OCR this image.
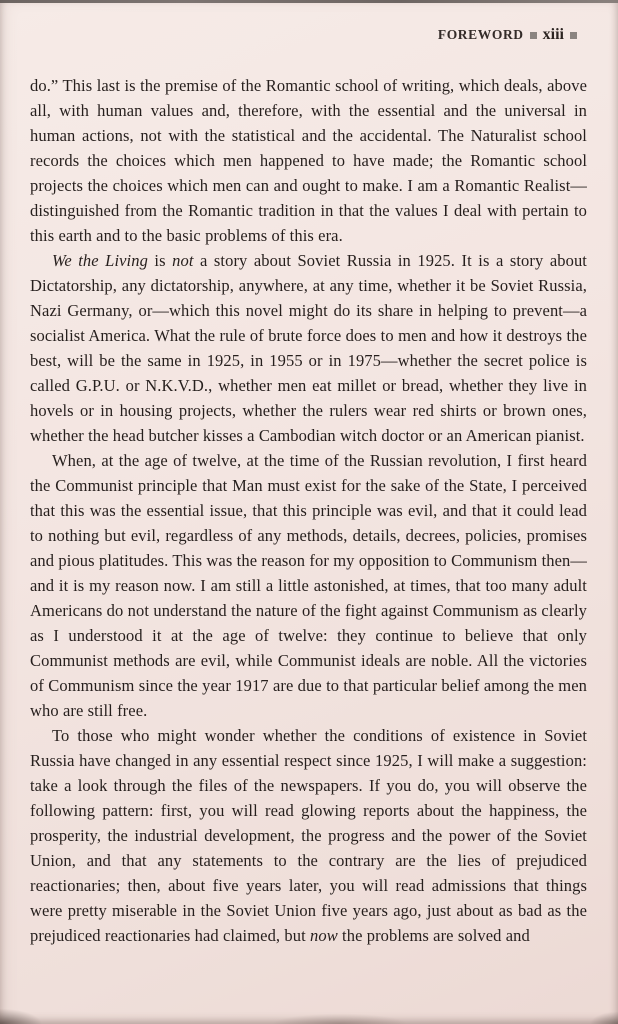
FOREWORD xiii

do.” This last is the premise of the Romantic school of writing, which deals, above all, with human values and, therefore, with the essential and the universal in human actions, not with the statistical and the accidental. The Naturalist school records the choices which men happened to have made; the Romantic school projects the choices which men can and ought to make. I am a Romantic Realist—distinguished from the Romantic tradition in that the values I deal with pertain to this earth and to the basic problems of this era.

We the Living is not a story about Soviet Russia in 1925. It is a story about Dictatorship, any dictatorship, anywhere, at any time, whether it be Soviet Russia, Nazi Germany, or—which this novel might do its share in helping to prevent—a socialist America. What the rule of brute force does to men and how it destroys the best, will be the same in 1925, in 1955 or in 1975—whether the secret police is called G.P.U. or N.K.V.D., whether men eat millet or bread, whether they live in hovels or in housing projects, whether the rulers wear red shirts or brown ones, whether the head butcher kisses a Cambodian witch doctor or an American pianist.

When, at the age of twelve, at the time of the Russian revolution, I first heard the Communist principle that Man must exist for the sake of the State, I perceived that this was the essential issue, that this principle was evil, and that it could lead to nothing but evil, regardless of any methods, details, decrees, policies, promises and pious platitudes. This was the reason for my opposition to Communism then—and it is my reason now. I am still a little astonished, at times, that too many adult Americans do not understand the nature of the fight against Communism as clearly as I understood it at the age of twelve: they continue to believe that only Communist methods are evil, while Communist ideals are noble. All the victories of Communism since the year 1917 are due to that particular belief among the men who are still free.

To those who might wonder whether the conditions of existence in Soviet Russia have changed in any essential respect since 1925, I will make a suggestion: take a look through the files of the newspapers. If you do, you will observe the following pattern: first, you will read glowing reports about the happiness, the prosperity, the industrial development, the progress and the power of the Soviet Union, and that any statements to the contrary are the lies of prejudiced reactionaries; then, about five years later, you will read admissions that things were pretty miserable in the Soviet Union five years ago, just about as bad as the prejudiced reactionaries had claimed, but now the problems are solved and
